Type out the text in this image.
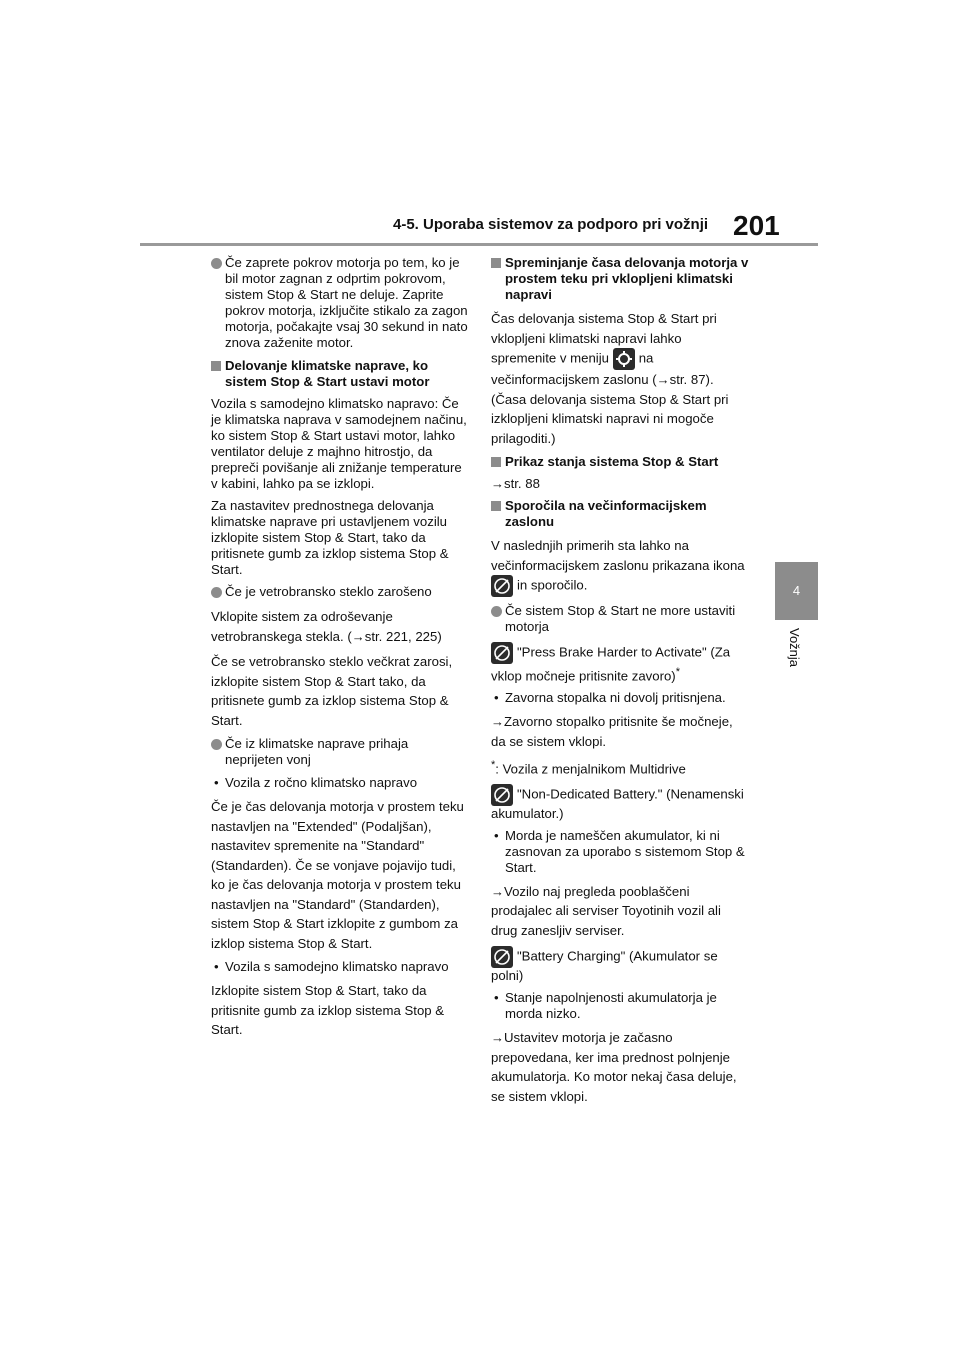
4-5. Uporaba sistemov za podporo pri vožnji 201
4
Vožnja
Če zaprete pokrov motorja po tem, ko je bil motor zagnan z odprtim pokrovom, sistem Stop & Start ne deluje. Zaprite pokrov motorja, izključite stikalo za zagon motorja, počakajte vsaj 30 sekund in nato znova zaženite motor.
Delovanje klimatske naprave, ko sistem Stop & Start ustavi motor

Vozila s samodejno klimatsko napravo: Če je klimatska naprava v samodejnem načinu, ko sistem Stop & Start ustavi motor, lahko ventilator deluje z majhno hitrostjo, da prepreči povišanje ali znižanje temperature v kabini, lahko pa se izklopi.

Za nastavitev prednostnega delovanja klimatske naprave pri ustavljenem vozilu izklopite sistem Stop & Start, tako da pritisnete gumb za izklop sistema Stop & Start.

Če je vetrobransko steklo zarošeno

Vklopite sistem za odroševanje vetrobranskega stekla. (→str. 221, 225)

Če se vetrobransko steklo večkrat zarosi, izklopite sistem Stop & Start tako, da pritisnete gumb za izklop sistema Stop & Start.

Če iz klimatske naprave prihaja neprijeten vonj
• Vozila z ročno klimatsko napravo

Če je čas delovanja motorja v prostem teku nastavljen na "Extended" (Podaljšan), nastavitev spremenite na "Standard" (Standarden). Če se vonjave pojavijo tudi, ko je čas delovanja motorja v prostem teku nastavljen na "Standard" (Standarden), sistem Stop & Start izklopite z gumbom za izklop sistema Stop & Start.

• Vozila s samodejno klimatsko napravo

Izklopite sistem Stop & Start, tako da pritisnite gumb za izklop sistema Stop & Start.

Spreminjanje časa delovanja motorja v prostem teku pri vklopljeni klimatski napravi

Čas delovanja sistema Stop & Start pri vklopljeni klimatski napravi lahko spremenite v meniju na večinformacijskem zaslonu (→str. 87). (Časa delovanja sistema Stop & Start pri izklopljeni klimatski napravi ni mogoče prilagoditi.)

Prikaz stanja sistema Stop & Start

→str. 88

Sporočila na večinformacijskem zaslonu

V naslednjih primerih sta lahko na večinformacijskem zaslonu prikazana ikona
in sporočilo.

Če sistem Stop & Start ne more ustaviti motorja

"Press Brake Harder to Activate" (Za vklop močneje pritisnite zavoro)*

• Zavorna stopalka ni dovolj pritisnjena.

→Zavorno stopalko pritisnite še močneje, da se sistem vklopi.

*: Vozila z menjalnikom Multidrive

"Non-Dedicated Battery." (Nenamenski akumulator.)

• Morda je nameščen akumulator, ki ni zasnovan za uporabo s sistemom Stop & Start.

→Vozilo naj pregleda pooblaščeni prodajalec ali serviser Toyotinih vozil ali drug zanesljiv serviser.

"Battery Charging" (Akumulator se polni)

• Stanje napolnjenosti akumulatorja je morda nizko.

→Ustavitev motorja je začasno prepovedana, ker ima prednost polnjenje akumulatorja. Ko motor nekaj časa deluje, se sistem vklopi.
